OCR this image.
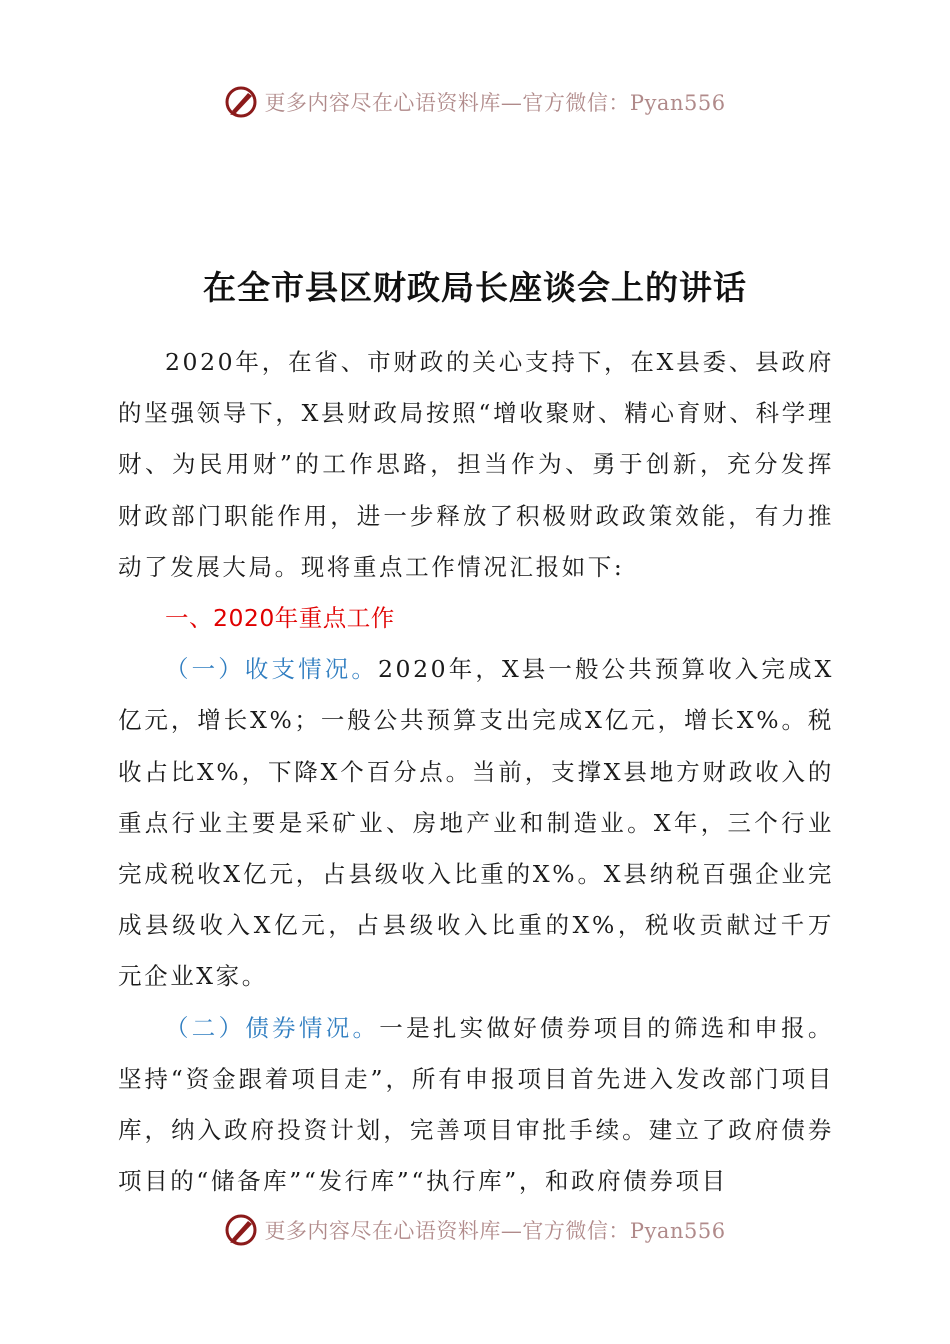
更多内容尽在心语资料库—官方微信：Pyan556
在全市县区财政局长座谈会上的讲话

2020年，在省、市财政的关心支持下，在X县委、县政府的坚强领导下，X县财政局按照“增收聚财、精心育财、科学理财、为民用财”的工作思路，担当作为、勇于创新，充分发挥财政部门职能作用，进一步释放了积极财政政策效能，有力推动了发展大局。现将重点工作情况汇报如下:

一、2020年重点工作

（一）收支情况。2020年，X县一般公共预算收入完成X亿元，增长X%；一般公共预算支出完成X亿元，增长X%。税收占比X%，下降X个百分点。当前，支撑X县地方财政收入的重点行业主要是采矿业、房地产业和制造业。X年，三个行业完成税收X亿元，占县级收入比重的X%。X县纳税百强企业完成县级收入X亿元，占县级收入比重的X%，税收贡献过千万元企业X家。

（二）债券情况。一是扎实做好债券项目的筛选和申报。坚持“资金跟着项目走”，所有申报项目首先进入发改部门项目库，纳入政府投资计划，完善项目审批手续。建立了政府债券项目的“储备库”“发行库”“执行库”，和政府债券项目

更多内容尽在心语资料库—官方微信：Pyan556
